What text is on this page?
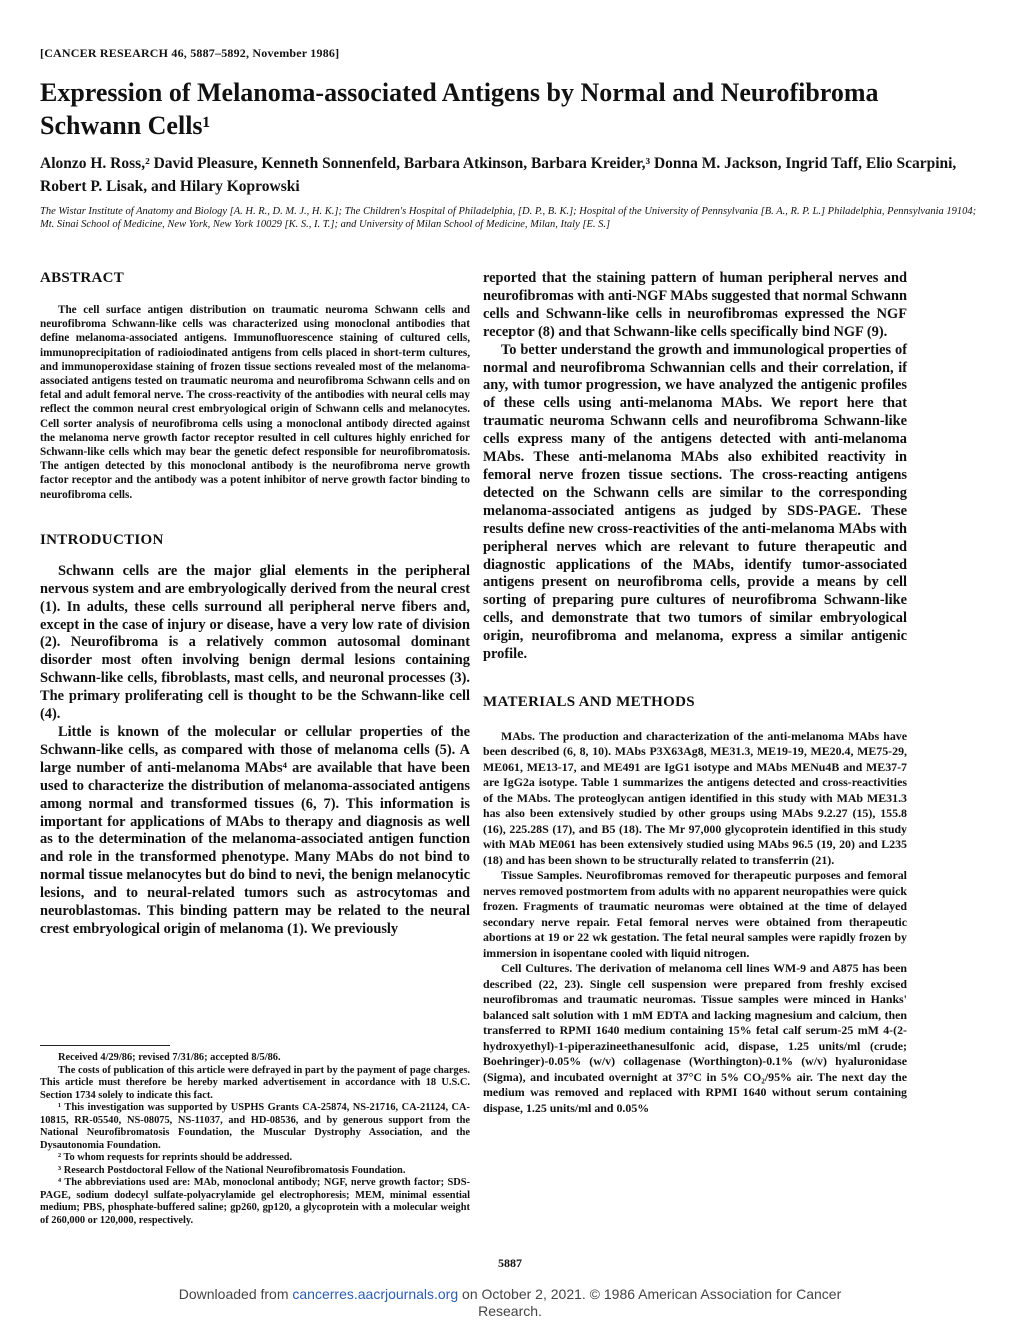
[CANCER RESEARCH 46, 5887–5892, November 1986]
Expression of Melanoma-associated Antigens by Normal and Neurofibroma Schwann Cells¹

Alonzo H. Ross,² David Pleasure, Kenneth Sonnenfeld, Barbara Atkinson, Barbara Kreider,³ Donna M. Jackson, Ingrid Taff, Elio Scarpini, Robert P. Lisak, and Hilary Koprowski

The Wistar Institute of Anatomy and Biology [A. H. R., D. M. J., H. K.]; The Children's Hospital of Philadelphia, [D. P., B. K.]; Hospital of the University of Pennsylvania [B. A., R. P. L.] Philadelphia, Pennsylvania 19104; Mt. Sinai School of Medicine, New York, New York 10029 [K. S., I. T.]; and University of Milan School of Medicine, Milan, Italy [E. S.]

ABSTRACT

The cell surface antigen distribution on traumatic neuroma Schwann cells and neurofibroma Schwann-like cells was characterized using monoclonal antibodies that define melanoma-associated antigens. Immunofluorescence staining of cultured cells, immunoprecipitation of radioiodinated antigens from cells placed in short-term cultures, and immunoperoxidase staining of frozen tissue sections revealed most of the melanoma-associated antigens tested on traumatic neuroma and neurofibroma Schwann cells and on fetal and adult femoral nerve. The cross-reactivity of the antibodies with neural cells may reflect the common neural crest embryological origin of Schwann cells and melanocytes. Cell sorter analysis of neurofibroma cells using a monoclonal antibody directed against the melanoma nerve growth factor receptor resulted in cell cultures highly enriched for Schwann-like cells which may bear the genetic defect responsible for neurofibromatosis. The antigen detected by this monoclonal antibody is the neurofibroma nerve growth factor receptor and the antibody was a potent inhibitor of nerve growth factor binding to neurofibroma cells.

INTRODUCTION

Schwann cells are the major glial elements in the peripheral nervous system and are embryologically derived from the neural crest (1). In adults, these cells surround all peripheral nerve fibers and, except in the case of injury or disease, have a very low rate of division (2). Neurofibroma is a relatively common autosomal dominant disorder most often involving benign dermal lesions containing Schwann-like cells, fibroblasts, mast cells, and neuronal processes (3). The primary proliferating cell is thought to be the Schwann-like cell (4).

Little is known of the molecular or cellular properties of the Schwann-like cells, as compared with those of melanoma cells (5). A large number of anti-melanoma MAbs⁴ are available that have been used to characterize the distribution of melanoma-associated antigens among normal and transformed tissues (6, 7). This information is important for applications of MAbs to therapy and diagnosis as well as to the determination of the melanoma-associated antigen function and role in the transformed phenotype. Many MAbs do not bind to normal tissue melanocytes but do bind to nevi, the benign melanocytic lesions, and to neural-related tumors such as astrocytomas and neuroblastomas. This binding pattern may be related to the neural crest embryological origin of melanoma (1). We previously

Received 4/29/86; revised 7/31/86; accepted 8/5/86.

The costs of publication of this article were defrayed in part by the payment of page charges. This article must therefore be hereby marked advertisement in accordance with 18 U.S.C. Section 1734 solely to indicate this fact.

¹ This investigation was supported by USPHS Grants CA-25874, NS-21716, CA-21124, CA-10815, RR-05540, NS-08075, NS-11037, and HD-08536, and by generous support from the National Neurofibromatosis Foundation, the Muscular Dystrophy Association, and the Dysautonomia Foundation.

² To whom requests for reprints should be addressed.

³ Research Postdoctoral Fellow of the National Neurofibromatosis Foundation.

⁴ The abbreviations used are: MAb, monoclonal antibody; NGF, nerve growth factor; SDS-PAGE, sodium dodecyl sulfate-polyacrylamide gel electrophoresis; MEM, minimal essential medium; PBS, phosphate-buffered saline; gp260, gp120, a glycoprotein with a molecular weight of 260,000 or 120,000, respectively.

reported that the staining pattern of human peripheral nerves and neurofibromas with anti-NGF MAbs suggested that normal Schwann cells and Schwann-like cells in neurofibromas expressed the NGF receptor (8) and that Schwann-like cells specifically bind NGF (9).

To better understand the growth and immunological properties of normal and neurofibroma Schwannian cells and their correlation, if any, with tumor progression, we have analyzed the antigenic profiles of these cells using anti-melanoma MAbs. We report here that traumatic neuroma Schwann cells and neurofibroma Schwann-like cells express many of the antigens detected with anti-melanoma MAbs. These anti-melanoma MAbs also exhibited reactivity in femoral nerve frozen tissue sections. The cross-reacting antigens detected on the Schwann cells are similar to the corresponding melanoma-associated antigens as judged by SDS-PAGE. These results define new cross-reactivities of the anti-melanoma MAbs with peripheral nerves which are relevant to future therapeutic and diagnostic applications of the MAbs, identify tumor-associated antigens present on neurofibroma cells, provide a means by cell sorting of preparing pure cultures of neurofibroma Schwann-like cells, and demonstrate that two tumors of similar embryological origin, neurofibroma and melanoma, express a similar antigenic profile.

MATERIALS AND METHODS

MAbs. The production and characterization of the anti-melanoma MAbs have been described (6, 8, 10). MAbs P3X63Ag8, ME31.3, ME19-19, ME20.4, ME75-29, ME061, ME13-17, and ME491 are IgG1 isotype and MAbs MENu4B and ME37-7 are IgG2a isotype. Table 1 summarizes the antigens detected and cross-reactivities of the MAbs. The proteoglycan antigen identified in this study with MAb ME31.3 has also been extensively studied by other groups using MAbs 9.2.27 (15), 155.8 (16), 225.28S (17), and B5 (18). The Mr 97,000 glycoprotein identified in this study with MAb ME061 has been extensively studied using MAbs 96.5 (19, 20) and L235 (18) and has been shown to be structurally related to transferrin (21).

Tissue Samples. Neurofibromas removed for therapeutic purposes and femoral nerves removed postmortem from adults with no apparent neuropathies were quick frozen. Fragments of traumatic neuromas were obtained at the time of delayed secondary nerve repair. Fetal femoral nerves were obtained from therapeutic abortions at 19 or 22 wk gestation. The fetal neural samples were rapidly frozen by immersion in isopentane cooled with liquid nitrogen.

Cell Cultures. The derivation of melanoma cell lines WM-9 and A875 has been described (22, 23). Single cell suspension were prepared from freshly excised neurofibromas and traumatic neuromas. Tissue samples were minced in Hanks' balanced salt solution with 1 mM EDTA and lacking magnesium and calcium, then transferred to RPMI 1640 medium containing 15% fetal calf serum-25 mM 4-(2-hydroxyethyl)-1-piperazineethanesulfonic acid, dispase, 1.25 units/ml (crude; Boehringer)-0.05% (w/v) collagenase (Worthington)-0.1% (w/v) hyaluronidase (Sigma), and incubated overnight at 37°C in 5% CO₂/95% air. The next day the medium was removed and replaced with RPMI 1640 without serum containing dispase, 1.25 units/ml and 0.05%

5887
Downloaded from cancerres.aacrjournals.org on October 2, 2021. © 1986 American Association for Cancer
Research.
